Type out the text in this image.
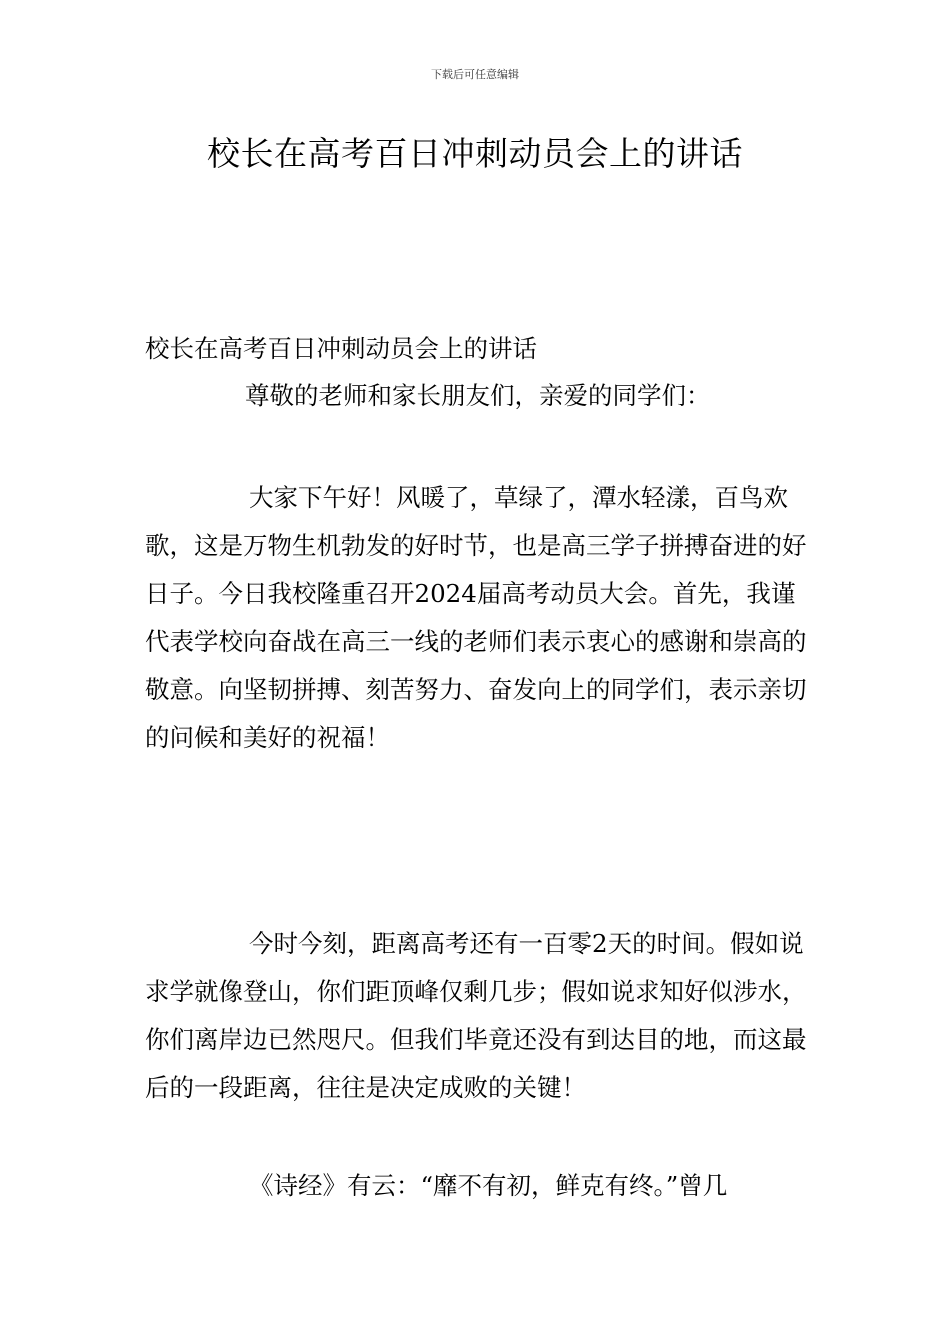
下载后可任意编辑
校长在高考百日冲刺动员会上的讲话

校长在高考百日冲刺动员会上的讲话

尊敬的老师和家长朋友们，亲爱的同学们：

大家下午好！风暖了，草绿了，潭水轻漾，百鸟欢歌，这是万物生机勃发的好时节，也是高三学子拼搏奋进的好日子。今日我校隆重召开2024届高考动员大会。首先，我谨代表学校向奋战在高三一线的老师们表示衷心的感谢和崇高的敬意。向坚韧拼搏、刻苦努力、奋发向上的同学们，表示亲切的问候和美好的祝福！

今时今刻，距离高考还有一百零2天的时间。假如说求学就像登山，你们距顶峰仅剩几步；假如说求知好似涉水，你们离岸边已然咫尺。但我们毕竟还没有到达目的地，而这最后的一段距离，往往是决定成败的关键！

《诗经》有云：“靡不有初，鲜克有终。”曾几
